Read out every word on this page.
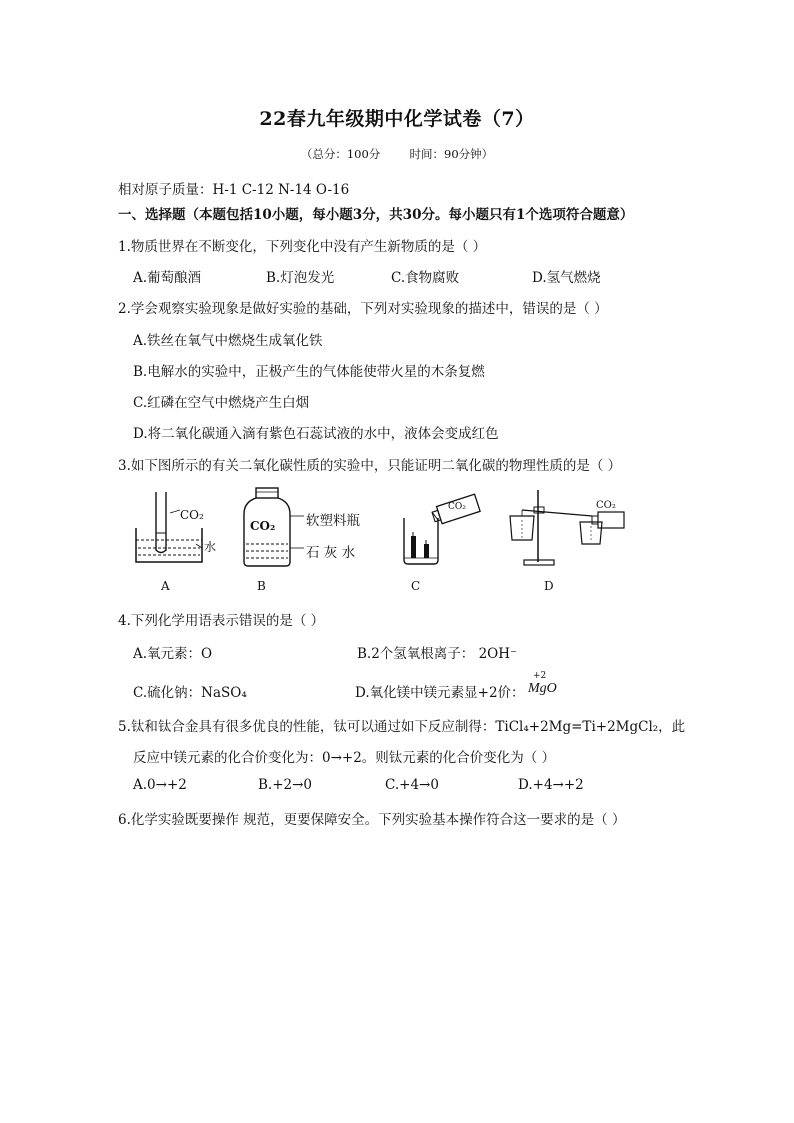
22春九年级期中化学试卷（7）
（总分：100分        时间：90分钟）
相对原子质量：H-1 C-12 N-14 O-16
一、选择题（本题包括10小题，每小题3分，共30分。每小题只有1个选项符合题意）
1.物质世界在不断变化，下列变化中没有产生新物质的是（ ）
A.葡萄酿酒	B.灯泡发光	C.食物腐败	D.氢气燃烧
2.学会观察实验现象是做好实验的基础，下列对实验现象的描述中，错误的是（ ）
A.铁丝在氧气中燃烧生成氧化铁
B.电解水的实验中，正极产生的气体能使带火星的木条复燃
C.红磷在空气中燃烧产生白烟
D.将二氧化碳通入滴有紫色石蕊试液的水中，液体会变成红色
3.如下图所示的有关二氧化碳性质的实验中，只能证明二氧化碳的物理性质的是（ ）
CO₂
水
CO₂ 软塑料瓶
石 灰 水
CO₂	CO₂
A	B	C	D
4.下列化学用语表示错误的是（ ）
A.氧元素：O	B.2个氢氧根离子： 2OH⁻
C.硫化钠：NaSO₄	D.氧化镁中镁元素显+2价：
+2
MgO
5.钛和钛合金具有很多优良的性能，钛可以通过如下反应制得：TiCl₄+2Mg=Ti+2MgCl₂，此
反应中镁元素的化合价变化为：0→+2。则钛元素的化合价变化为（ ）
A.0→+2	B.+2→0	C.+4→0	D.+4→+2
6.化学实验既要操作 规范，更要保障安全。下列实验基本操作符合这一要求的是（ ）
